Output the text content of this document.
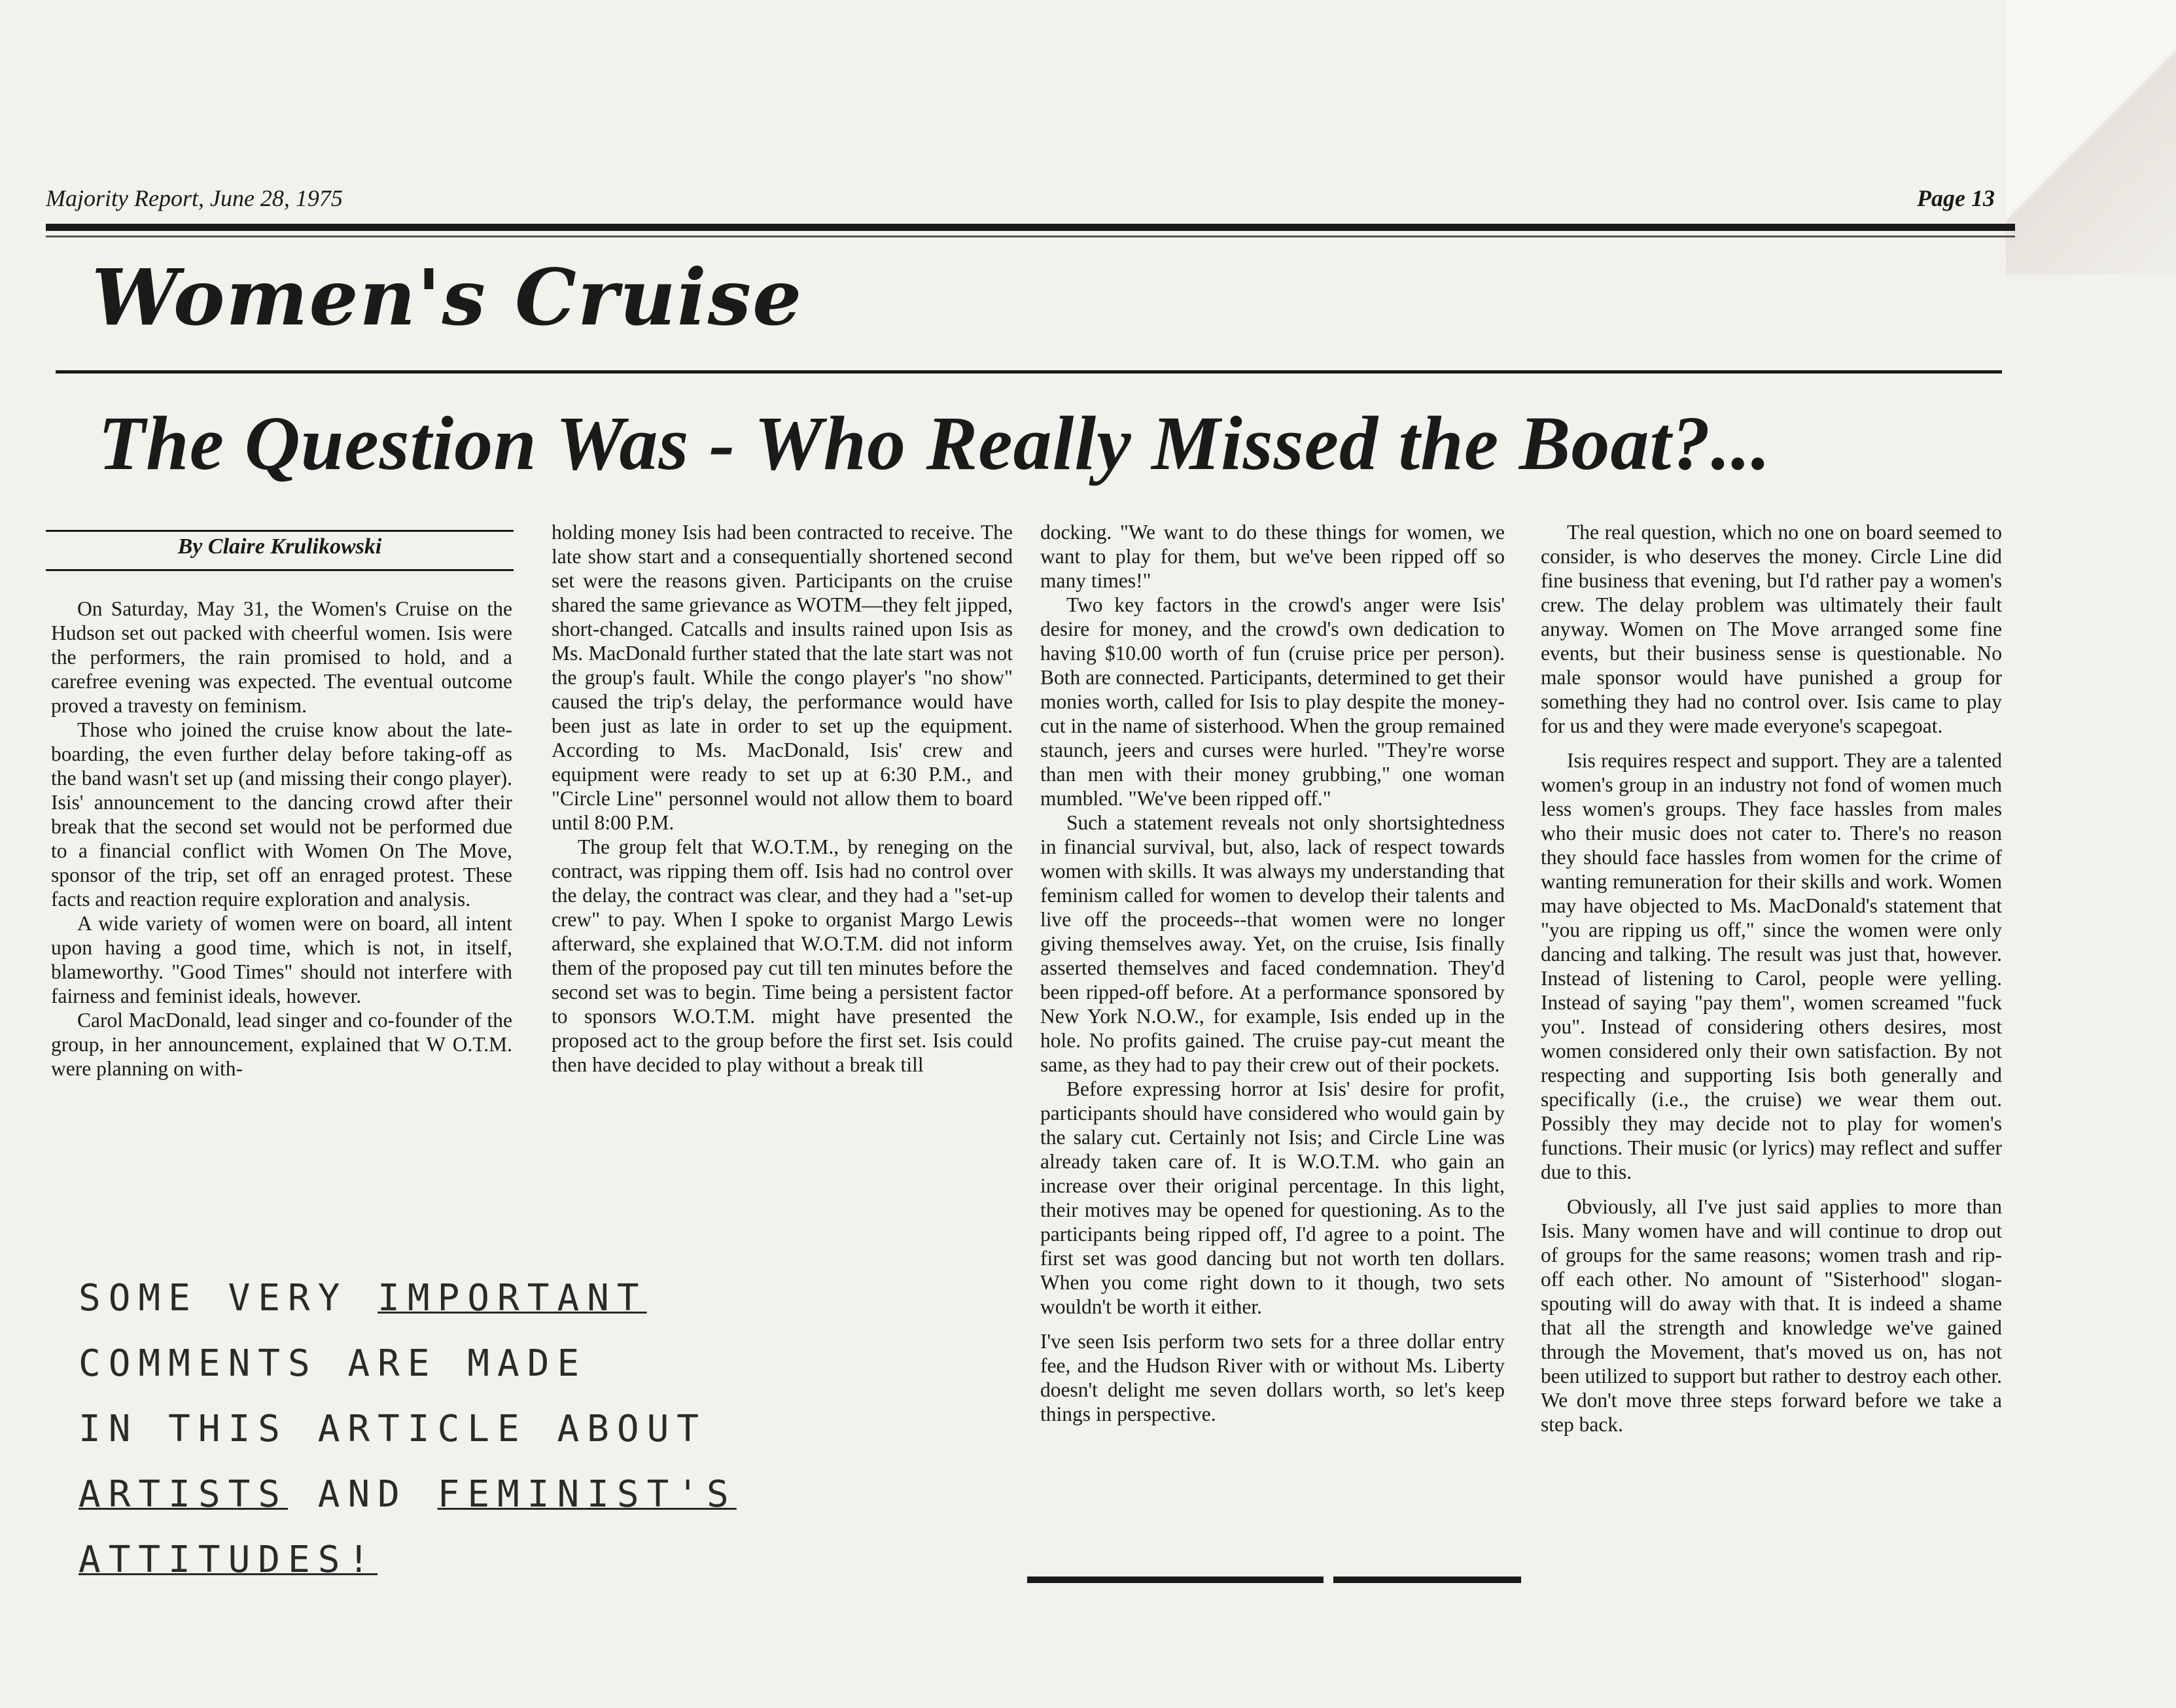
Majority Report, June 28, 1975	Page 13
Women's Cruise
The Question Was - Who Really Missed the Boat?...
By Claire Krulikowski

On Saturday, May 31, the Women's Cruise on the Hudson set out packed with cheerful women. Isis were the performers, the rain promised to hold, and a carefree evening was expected. The eventual outcome proved a travesty on feminism.

Those who joined the cruise know about the late-boarding, the even further delay before taking-off as the band wasn't set up (and missing their congo player). Isis' announcement to the dancing crowd after their break that the second set would not be performed due to a financial conflict with Women On The Move, sponsor of the trip, set off an enraged protest. These facts and reaction require exploration and analysis.

A wide variety of women were on board, all intent upon having a good time, which is not, in itself, blameworthy. "Good Times" should not interfere with fairness and feminist ideals, however.

Carol MacDonald, lead singer and co-founder of the group, in her announcement, explained that W O.T.M. were planning on with-

holding money Isis had been contracted to receive. The late show start and a consequentially shortened second set were the reasons given. Participants on the cruise shared the same grievance as WOTM—they felt jipped, short-changed. Catcalls and insults rained upon Isis as Ms. MacDonald further stated that the late start was not the group's fault. While the congo player's "no show" caused the trip's delay, the performance would have been just as late in order to set up the equipment. According to Ms. MacDonald, Isis' crew and equipment were ready to set up at 6:30 P.M., and "Circle Line" personnel would not allow them to board until 8:00 P.M.

The group felt that W.O.T.M., by reneging on the contract, was ripping them off. Isis had no control over the delay, the contract was clear, and they had a "set-up crew" to pay. When I spoke to organist Margo Lewis afterward, she explained that W.O.T.M. did not inform them of the proposed pay cut till ten minutes before the second set was to begin. Time being a persistent factor to sponsors W.O.T.M. might have presented the proposed act to the group before the first set. Isis could then have decided to play without a break till

docking. "We want to do these things for women, we want to play for them, but we've been ripped off so many times!"

Two key factors in the crowd's anger were Isis' desire for money, and the crowd's own dedication to having $10.00 worth of fun (cruise price per person). Both are connected. Participants, determined to get their monies worth, called for Isis to play despite the money-cut in the name of sisterhood. When the group remained staunch, jeers and curses were hurled. "They're worse than men with their money grubbing," one woman mumbled. "We've been ripped off."

Such a statement reveals not only shortsightedness in financial survival, but, also, lack of respect towards women with skills. It was always my understanding that feminism called for women to develop their talents and live off the proceeds--that women were no longer giving themselves away. Yet, on the cruise, Isis finally asserted themselves and faced condemnation. They'd been ripped-off before. At a performance sponsored by New York N.O.W., for example, Isis ended up in the hole. No profits gained. The cruise pay-cut meant the same, as they had to pay their crew out of their pockets.

Before expressing horror at Isis' desire for profit, participants should have considered who would gain by the salary cut. Certainly not Isis; and Circle Line was already taken care of. It is W.O.T.M. who gain an increase over their original percentage. In this light, their motives may be opened for questioning. As to the participants being ripped off, I'd agree to a point. The first set was good dancing but not worth ten dollars. When you come right down to it though, two sets wouldn't be worth it either.

I've seen Isis perform two sets for a three dollar entry fee, and the Hudson River with or without Ms. Liberty doesn't delight me seven dollars worth, so let's keep things in perspective.

The real question, which no one on board seemed to consider, is who deserves the money. Circle Line did fine business that evening, but I'd rather pay a women's crew. The delay problem was ultimately their fault anyway. Women on The Move arranged some fine events, but their business sense is questionable. No male sponsor would have punished a group for something they had no control over. Isis came to play for us and they were made everyone's scapegoat.

Isis requires respect and support. They are a talented women's group in an industry not fond of women much less women's groups. They face hassles from males who their music does not cater to. There's no reason they should face hassles from women for the crime of wanting remuneration for their skills and work. Women may have objected to Ms. MacDonald's statement that "you are ripping us off," since the women were only dancing and talking. The result was just that, however. Instead of listening to Carol, people were yelling. Instead of saying "pay them", women screamed "fuck you". Instead of considering others desires, most women considered only their own satisfaction. By not respecting and supporting Isis both generally and specifically (i.e., the cruise) we wear them out. Possibly they may decide not to play for women's functions. Their music (or lyrics) may reflect and suffer due to this.

Obviously, all I've just said applies to more than Isis. Many women have and will continue to drop out of groups for the same reasons; women trash and rip-off each other. No amount of "Sisterhood" slogan-spouting will do away with that. It is indeed a shame that all the strength and knowledge we've gained through the Movement, that's moved us on, has not been utilized to support but rather to destroy each other. We don't move three steps forward before we take a step back.

SOME VERY IMPORTANT
COMMENTS ARE MADE
IN THIS ARTICLE ABOUT
ARTISTS AND FEMINIST'S
ATTITUDES!
